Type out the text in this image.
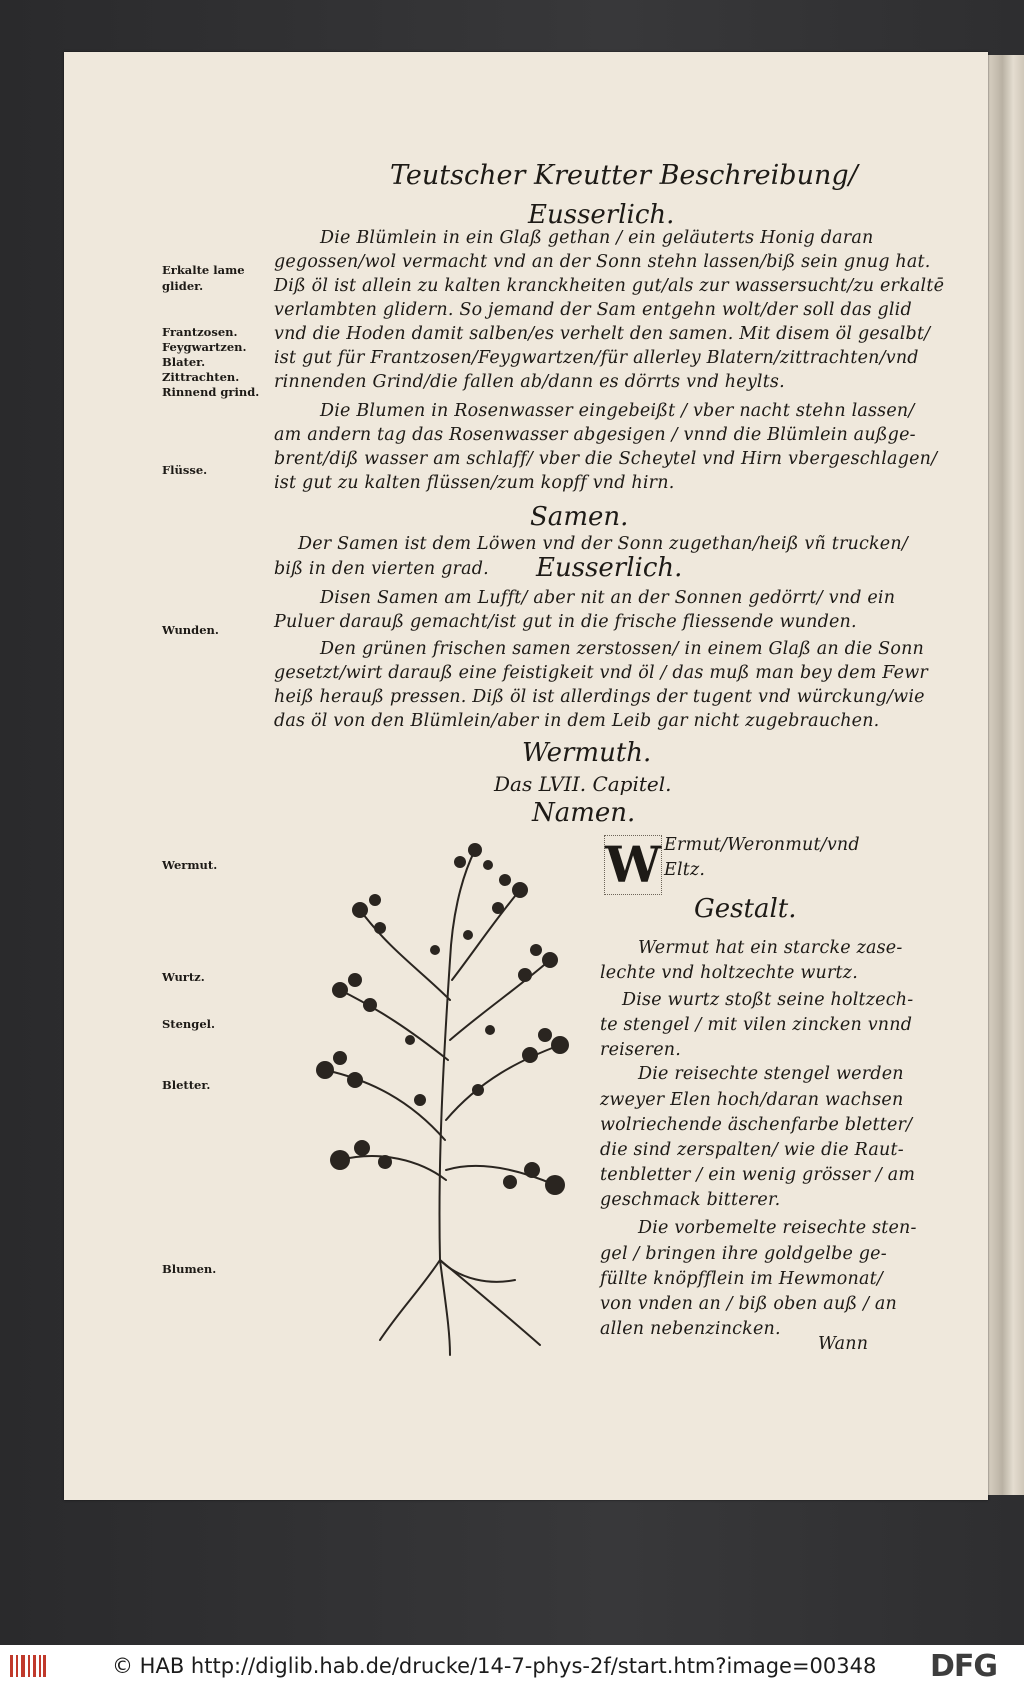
Teutscher Kreutter Beschreibung/
Eusserlich.
Die Blümlein in ein Glaß gethan / ein geläuterts Honig daran
gegossen/wol vermacht vnd an der Sonn stehn lassen/biß sein gnug hat.
Diß öl ist allein zu kalten kranckheiten gut/als zur wassersucht/zu erkaltē
verlambten glidern. So jemand der Sam entgehn wolt/der soll das glid
vnd die Hoden damit salben/es verhelt den samen. Mit disem öl gesalbt/
ist gut für Frantzosen/Feygwartzen/für allerley Blatern/zittrachten/vnd
rinnenden Grind/die fallen ab/dann es dörrts vnd heylts.
Die Blumen in Rosenwasser eingebeißt / vber nacht stehn lassen/
am andern tag das Rosenwasser abgesigen / vnnd die Blümlein außge-
brent/diß wasser am schlaff/ vber die Scheytel vnd Hirn vbergeschlagen/
ist gut zu kalten flüssen/zum kopff vnd hirn.
Samen.
Der Samen ist dem Löwen vnd der Sonn zugethan/heiß vñ trucken/
biß in den vierten grad. Eusserlich.
Disen Samen am Lufft/ aber nit an der Sonnen gedörrt/ vnd ein
Puluer darauß gemacht/ist gut in die frische fliessende wunden.
Den grünen frischen samen zerstossen/ in einem Glaß an die Sonn
gesetzt/wirt darauß eine feistigkeit vnd öl / das muß man bey dem Fewr
heiß herauß pressen. Diß öl ist allerdings der tugent vnd würckung/wie
das öl von den Blümlein/aber in dem Leib gar nicht zugebrauchen.
Wermuth.
Das LVII. Capitel.
Namen.
W Ermut/Weronmut/vnd
Eltz.
Gestalt.
Wermut hat ein starcke zase-
lechte vnd holtzechte wurtz.
Dise wurtz stoßt seine holtzech-
te stengel / mit vilen zincken vnnd
reiseren.
Die reisechte stengel werden
zweyer Elen hoch/daran wachsen
wolriechende äschenfarbe bletter/
die sind zerspalten/ wie die Raut-
tenbletter / ein wenig grösser / am
geschmack bitterer.
Die vorbemelte reisechte sten-
gel / bringen ihre goldgelbe ge-
füllte knöpfflein im Hewmonat/
von vnden an / biß oben auß / an
allen nebenzincken.
Wann
Erkalte lame
glider.
Frantzosen.
Feygwartzen.
Blater.
Zittrachten.
Rinnend grind.
Flüsse.
Wunden.
Wermut.
Wurtz.
Stengel.
Bletter.
Blumen.
© HAB http://diglib.hab.de/drucke/14-7-phys-2f/start.htm?image=00348 DFG
